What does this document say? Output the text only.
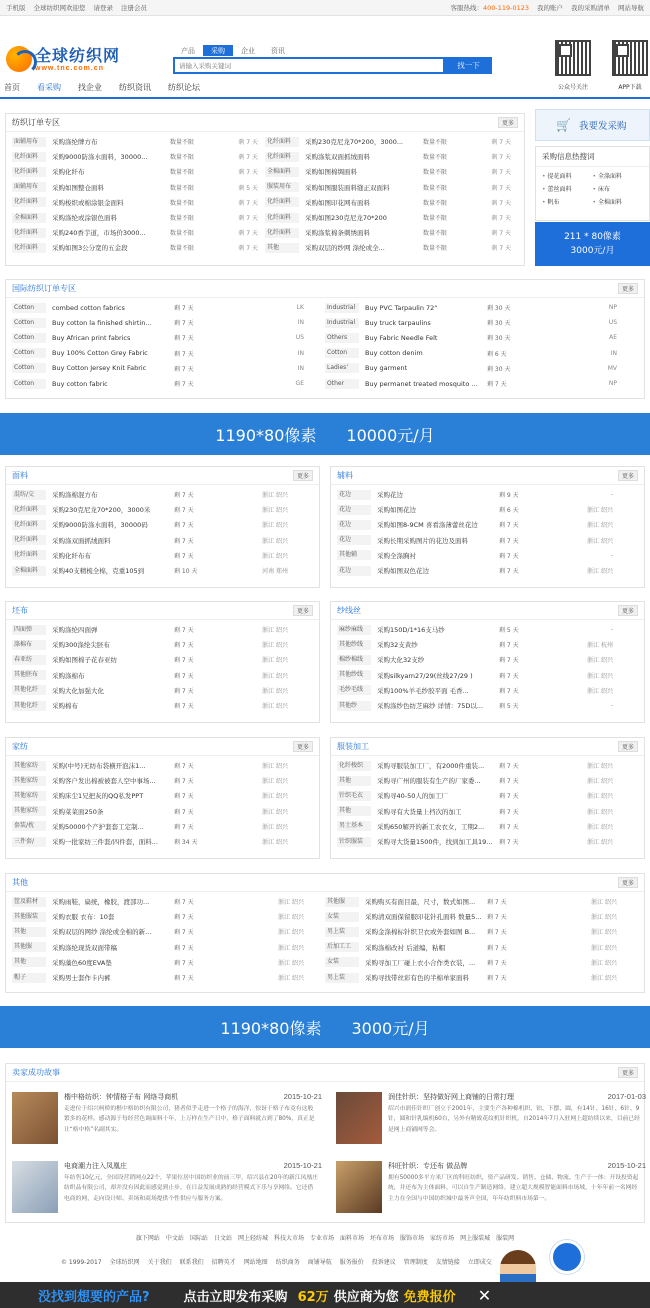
手机版 全球纺织网欢迎您 请登录 注册会员	客服热线：400-119-0123 我的账户 我的采购清单 网站导航
全球纺织网
www.tnc.com.cn
产品	采购	企业	资讯
请输入采购关键词
找一下
公众号关注	APP下载
首页	看采购	找企业	纺织资讯	纺织论坛
纺织订单专区	更多
面辅用布	采购涤纶牌方布	数量不限	剩 7 天
化纤面料	采购9000防涤水面料，30000...	数量不限	剩 7 天
化纤面料	采购化纤布	数量不限	剩 7 天
面辅用布	采购如图整仓面料	数量不限	剩 5 天
化纤面料	采购梭织或棉涂银金面料	数量不限	剩 7 天
全棉面料	采购涤纶或涂银色面料	数量不限	剩 7 天
化纤面料	采购240香芋道，市场价3000...	数量不限	剩 7 天
化纤面料	采购如图3公分宽的五金段	数量不限	剩 7 天
化纤面料	采购230克尼龙70*200，3000...	数量不限	剩 7 天
化纤面料	采购涤浆双面抓绒面料	数量不限	剩 7 天
全棉面料	采购如图棉绸面料	数量不限	剩 7 天
服装用布	采购如图服装面料缝正双面料	数量不限	剩 7 天
化纤面料	采购如图印花网布面料	数量不限	剩 7 天
化纤面料	采购如图230克尼龙70*200	数量不限	剩 7 天
化纤面料	采购涤浆棉条刺绣面料	数量不限	剩 7 天
其他	采购双层的纱网 涤纶或全...	数量不限	剩 7 天
🛒 我要发采购
采购信息热搜词
• 提花面料	• 全涤面料
• 蕾丝面料	• 床布
• 帆布	• 全棉面料
211 * 80像素
3000元/月
国际纺织订单专区	更多
Cotton	combed cotton fabrics	剩 7 天	LK
Cotton	Buy cotton la finished shirtin...	剩 7 天	IN
Cotton	Buy African print fabrics	剩 7 天	US
Cotton	Buy 100% Cotton Grey Fabric	剩 7 天	IN
Cotton	Buy Cotton Jersey Knit Fabric	剩 7 天	IN
Cotton	Buy cotton fabric	剩 7 天	GE
Industrial	Buy PVC Tarpaulin 72"	剩 30 天	NP
Industrial	Buy truck tarpaulins	剩 30 天	US
Others	Buy Fabric Needle Felt	剩 30 天	AE
Cotton	Buy cotton denim	剩 6 天	IN
Ladies'	Buy garment	剩 30 天	MV
Other	Buy permanet treated mosquito ...	剩 7 天	NP
1190*80像素 10000元/月
面料	更多
混纺/交	采购涤棉混方布	剩 7 天	浙江 绍兴
化纤面料	采购230克尼龙70*200，3000米	剩 7 天	浙江 绍兴
化纤面料	采购9000防涤水面料，30000码	剩 7 天	浙江 绍兴
化纤面料	采购涤双面抓绒面料	剩 7 天	浙江 绍兴
化纤面料	采购化纤布布	剩 7 天	浙江 绍兴
全棉面料	采购40支精梳全棉，克重105到	剩 10 天	河南 郑州
辅料	更多
花边	采购花边	剩 9 天	-
花边	采购如图花边	剩 6 天	浙江 绍兴
花边	采购如图8-9CM 喜看涤薄蕾丝花边	剩 7 天	浙江 绍兴
花边	采购长期采购图片的花边及面料	剩 7 天	浙江 绍兴
其他辅	采购全涤胸衬	剩 7 天	-
花边	采购如图双色花边	剩 7 天	浙江 绍兴
坯布	更多
四面弹	采购涤纶四面弹	剩 7 天	浙江 绍兴
涤棉布	采购300涤纶尖胚布	剩 7 天	浙江 绍兴
春亚纺	采购如图棉子花春亚纺	剩 7 天	浙江 绍兴
其他胚布	采购涤棉布	剩 7 天	浙江 绍兴
其他化纤	采购大化加强大化	剩 7 天	浙江 绍兴
其他化纤	采购棉布	剩 7 天	浙江 绍兴
纱线丝	更多
麻纱麻线	采购150D/1*16支马纱	剩 5 天	-
其他纱线	采购32支黄纱	剩 7 天	浙江 杭州
棉纱棉线	采购大化32支纱	剩 7 天	浙江 绍兴
其他纱线	采购silkyarn27/29(丝线27/29 )	剩 7 天	浙江 绍兴
毛纱毛线	采购100%羊毛纱胶平面 毛香...	剩 7 天	浙江 绍兴
其他纱	采购涤纱色纺芝麻纱 详情：75D以...	剩 5 天	-
家纺	更多
其他家纺	采购(中号)无纺布袋横开泡沫1...	剩 7 天	浙江 绍兴
其他家纺	采购客户发出棉被被套人空中事场...	剩 7 天	浙江 绍兴
其他家纺	采购床尘1兄把灰的QQ私发PPT	剩 7 天	浙江 绍兴
其他家纺	采购菜菜面250条	剩 7 天	浙江 绍兴
套装/枕	采购50000个产护套套工定制...	剩 7 天	浙江 绍兴
三件套/	采购一批家纺三件套/四件套，面料...	剩 34 天	浙江 绍兴
服装加工	更多
化纤梭织	采购寻服装加工厂，有2000件重装...	剩 7 天	浙江 绍兴
其他	采购寻广州的服装有生产的厂家委...	剩 7 天	浙江 绍兴
针织毛衣	采购寻40-50人的加工厂	剩 7 天	浙江 绍兴
其他	采购寻有大货量上档次的加工	剩 7 天	浙江 绍兴
男士基本	采购650解开的新工农衣女，工期2...	剩 7 天	浙江 绍兴
针织服装	采购寻大货量1500件，找到加工具19...	剩 7 天	浙江 绍兴
其他	更多
筐及鞋材	采购雨鞋，扁统，橡胶，渡部功...	剩 7 天	浙江 绍兴
其他服装	采购衣服 衣布：10套	剩 7 天	浙江 绍兴
其他	采购双层的网纱 涤纶或全棉的新...	剩 7 天	浙江 绍兴
其他服	采购涤纶现货双面带稿	剩 7 天	浙江 绍兴
其他	采购藻色60度EVA垫	剩 7 天	浙江 绍兴
帽子	采购男士套作卡内裤	剩 7 天	浙江 绍兴
其他服	采购购买有面目最，尺寸，数式如图...	剩 7 天	浙江 绍兴
女装	采购清双面保留服印花针孔面料 数量5... 剩 7 天	浙江 绍兴
男上装	采购金涤棉标针织卫衣或外套如图 B...	剩 7 天	浙江 绍兴
后加工工	采购涤棉改衬 后道编，粘帽	剩 7 天	浙江 绍兴
女装	采购寻加工厂碰上衣小合作类衣装，...	剩 7 天	浙江 绍兴
男上装	采购寻找带丝彩有色的半棉单家面料	剩 7 天	浙江 绍兴
1190*80像素 3000元/月
卖家成功故事	更多
楷中格纺织：钟情格子布 网络寻商机	2015-10-21
走进位于绍兴柯桥的楷中格纺织有限公司，猪者似乎走进一个格子的海洋，惊讶于格子布竟有这般繁多的花样。感动源于每经营色调面料十年，上万样在生产日中，格子面料就占到了80%，真正是让“格中格”名副其实。
润佳针织：坚持做好网上商铺的日常打理	2017-01-03
绍兴市润佳针织厂创立于2001年，主要生产各种棉机织、铂、下摆、圆，有14针、16针、6针、9针，圆和针乳编机60台，另外有精致花纹机针织机，自2014年7月入驻网上超纺续以来，目前已经是网上商铺网等会。
电商潮力注入凤凰庄	2015-10-21
年纺售10亿元，全国设营销网点22个，苹果位居中国纺织业的前三甲，绍兴县在20年的新江凤凰庄纺织品有限公司，却并没有因此而感觉到止步，在日益发展成熟的经营模式下乐与享网络。它还借电商的网，走向设计师、卖场和商场提供个性供应与服务方案。
科旺针织：专还布 做品牌	2015-10-21
拥有50000多平方米厂区的科旺纺织，资产品研发、销售、仓储、物流、生产于一体：开设投资起统，并还布为主体面料，可以自生产制造网络，建立超大规模智能面料市场域，十年年前一名网经主力在全国与中国纺织城中最务声全国，年年纺织料市场第一。
旗下网站 中文站 国际站 日文站 网上轻纺城 科技大市场 专业市场 面料市场 坯布市场 服饰市场 家纺市场 网上服装城 服装网
© 1999-2017 全球纺织网 关于我们 联系我们 招聘英才 网站地图 纺织商务 商铺导航 服务报价 投诉建议 管理制度 友情链接 立即成交
没找到想要的产品?	点击立即发布采购 62万 供应商为您 免费报价 ✕
